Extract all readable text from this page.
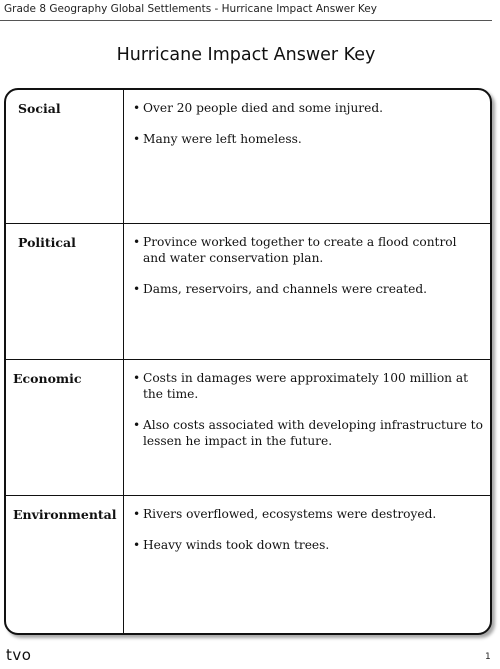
Grade 8 Geography Global Settlements - Hurricane Impact Answer Key
Hurricane Impact Answer Key
Social	• Over 20 people died and some injured.
• Many were left homeless.
Political	• Province worked together to create a flood control and water conservation plan.
• Dams, reservoirs, and channels were created.
Economic	• Costs in damages were approximately 100 million at the time.
• Also costs associated with developing infrastructure to lessen he impact in the future.
Environmental	• Rivers overflowed, ecosystems were destroyed.
• Heavy winds took down trees.
tvo	1
